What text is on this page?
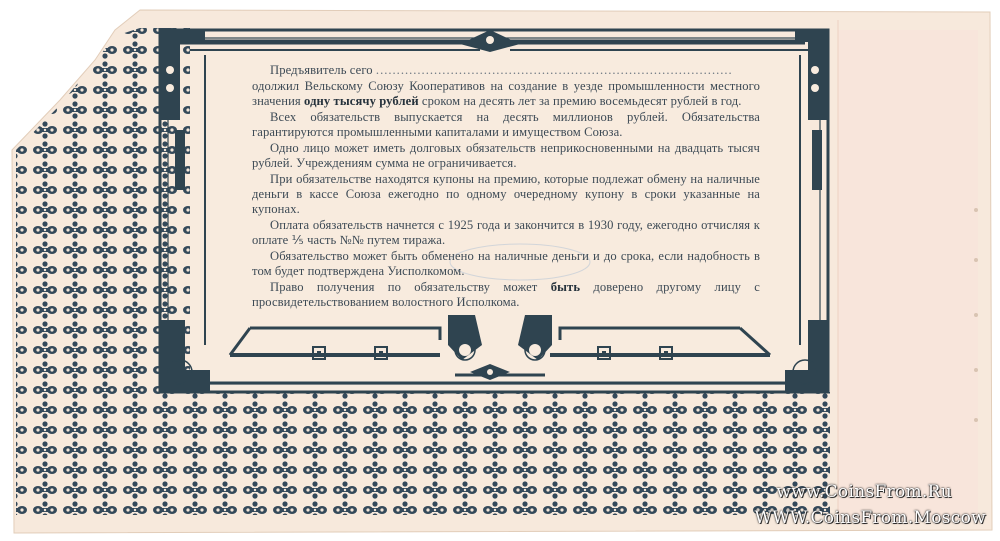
Предъявитель сего ......................................................................................

одолжил Вельскому Союзу Кооперативов на создание в уезде промышленности местного значения одну тысячу рублей сроком на десять лет за премию восемьдесят рублей в год.

Всех обязательств выпускается на десять миллионов рублей. Обязательства гарантируются промышленными капиталами и имуществом Союза.

Одно лицо может иметь долговых обязательств неприкосновенными на двадцать тысяч рублей. Учреждениям сумма не ограничивается.

При обязательстве находятся купоны на премию, которые подлежат обмену на наличные деньги в кассе Союза ежегодно по одному очередному купону в сроки указанные на купонах.

Оплата обязательств начнется с 1925 года и закончится в 1930 году, ежегодно отчисляя к оплате ⅕ часть №№ путем тиража.

Обязательство может быть обменено на наличные деньги и до срока, если надобность в том будет подтверждена Уисполкомом.

Право получения по обязательству может быть доверено другому лицу с просвидетельствованием волостного Исполкома.

www.CoinsFrom.Ru
WWW.CoinsFrom.Moscow
